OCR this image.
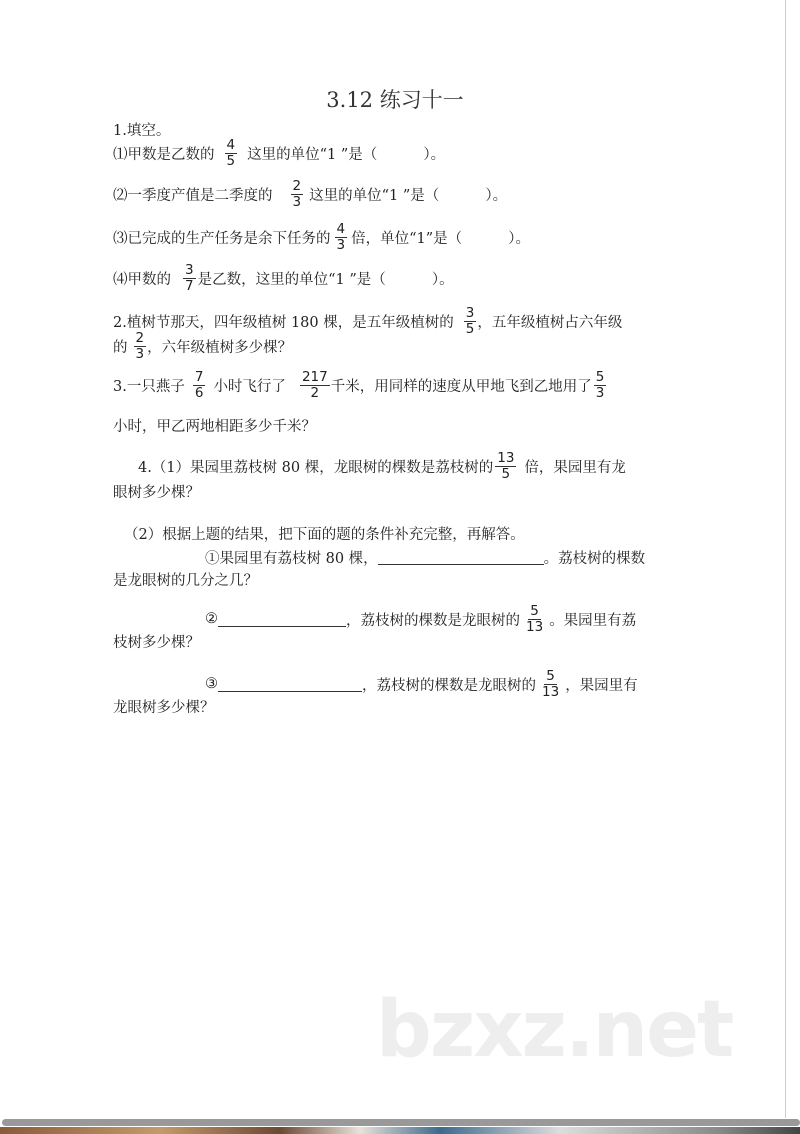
3.12 练习十一
1.填空。
⑴甲数是乙数的 $\frac{4}{5}$ 这里的单位“1 ”是（          ）。
⑵一季度产值是二季度的 $\frac{2}{3}$ 这里的单位“1 ”是（          ）。
⑶已完成的生产任务是余下任务的 $\frac{4}{3}$ 倍，单位“1”是（          ）。
⑷甲数的 $\frac{3}{7}$ 是乙数，这里的单位“1 ”是（          ）。
2.植树节那天，四年级植树 180 棵，是五年级植树的 $\frac{3}{5}$ ，五年级植树占六年级
的 $\frac{2}{3}$ ，六年级植树多少棵？
3.一只燕子 $\frac{7}{6}$ 小时飞行了 $\frac{217}{2}$ 千米，用同样的速度从甲地飞到乙地用了 $\frac{5}{3}$
小时，甲乙两地相距多少千米？
4.（1）果园里荔枝树 80 棵，龙眼树的棵数是荔枝树的 $\frac{13}{5}$ 倍，果园里有龙
眼树多少棵？
（2）根据上题的结果，把下面的题的条件补充完整，再解答。
①果园里有荔枝树 80 棵，	。荔枝树的棵数
是龙眼树的几分之几？
②	，荔枝树的棵数是龙眼树的 $\frac{5}{13}$ 。果园里有荔
枝树多少棵？
③	，荔枝树的棵数是龙眼树的 $\frac{5}{13}$ ，果园里有
龙眼树多少棵？
bzxz.net
